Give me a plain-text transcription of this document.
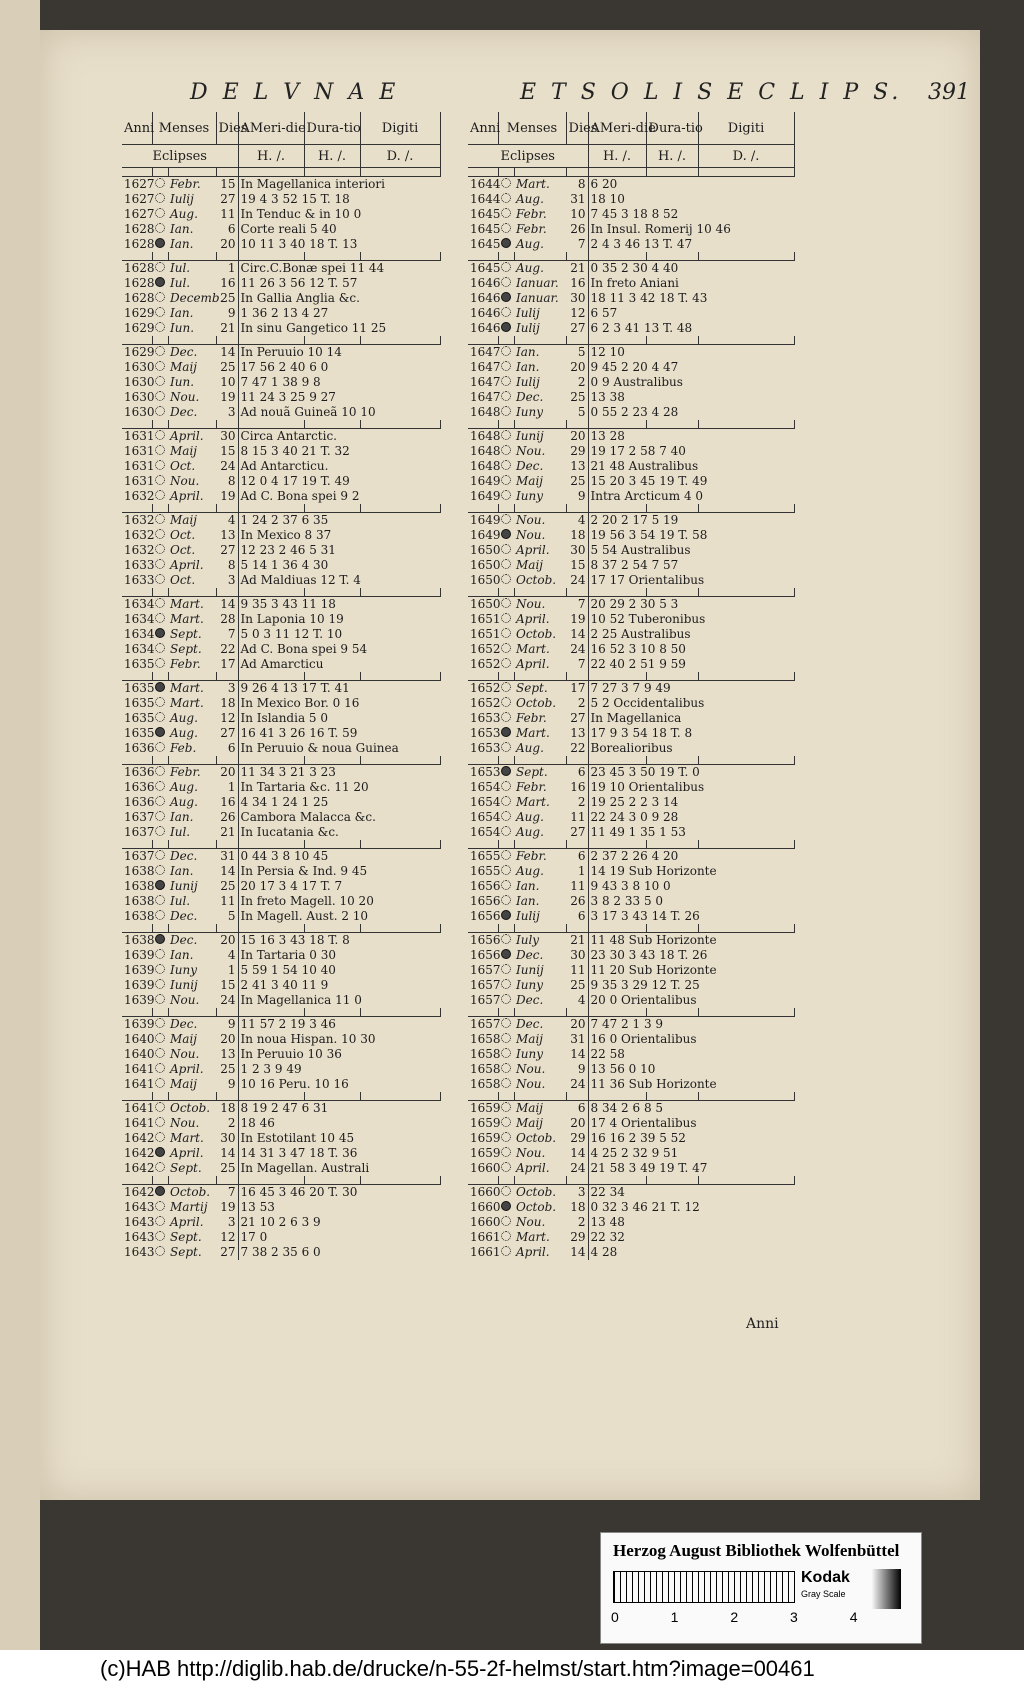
D E L V N A E	E T S O L I S E C L I P S. 391
Anni	Menses		Dies	AMeri-die	Dura-tio	Digiti
Eclipses				H. /.	H. /.	D. /.

1627		Febr.	15	In Magellanica interiori		
1627		Iulij	27	19 4 3 52 15 T. 18		
1627		Aug.	11	In Tenduc & in 10 0		
1628		Ian.	6	Corte reali 5 40		
1628		Ian.	20	10 11 3 40 18 T. 13		

1628		Iul.	1	Circ.C.Bonæ spei 11 44		
1628		Iul.	16	11 26 3 56 12 T. 57		
1628		Decemb.	25	In Gallia Anglia &c.		
1629		Ian.	9	1 36 2 13 4 27		
1629		Iun.	21	In sinu Gangetico 11 25		

1629		Dec.	14	In Peruuio 10 14		
1630		Maij	25	17 56 2 40 6 0		
1630		Iun.	10	7 47 1 38 9 8		
1630		Nou.	19	11 24 3 25 9 27		
1630		Dec.	3	Ad nouã Guineã 10 10		

1631		April.	30	Circa Antarctic.		
1631		Maij	15	8 15 3 40 21 T. 32		
1631		Oct.	24	Ad Antarcticu.		
1631		Nou.	8	12 0 4 17 19 T. 49		
1632		April.	19	Ad C. Bona spei 9 2		

1632		Maij	4	1 24 2 37 6 35		
1632		Oct.	13	In Mexico 8 37		
1632		Oct.	27	12 23 2 46 5 31		
1633		April.	8	5 14 1 36 4 30		
1633		Oct.	3	Ad Maldiuas 12 T. 4		

1634		Mart.	14	9 35 3 43 11 18		
1634		Mart.	28	In Laponia 10 19		
1634		Sept.	7	5 0 3 11 12 T. 10		
1634		Sept.	22	Ad C. Bona spei 9 54		
1635		Febr.	17	Ad Amarcticu		

1635		Mart.	3	9 26 4 13 17 T. 41		
1635		Mart.	18	In Mexico Bor. 0 16		
1635		Aug.	12	In Islandia 5 0		
1635		Aug.	27	16 41 3 26 16 T. 59		
1636		Feb.	6	In Peruuio & noua Guinea		

1636		Febr.	20	11 34 3 21 3 23		
1636		Aug.	1	In Tartaria &c. 11 20		
1636		Aug.	16	4 34 1 24 1 25		
1637		Ian.	26	Cambora Malacca &c.		
1637		Iul.	21	In Iucatania &c.		

1637		Dec.	31	0 44 3 8 10 45		
1638		Ian.	14	In Persia & Ind. 9 45		
1638		Iunij	25	20 17 3 4 17 T. 7		
1638		Iul.	11	In freto Magell. 10 20		
1638		Dec.	5	In Magell. Aust. 2 10		

1638		Dec.	20	15 16 3 43 18 T. 8		
1639		Ian.	4	In Tartaria 0 30		
1639		Iuny	1	5 59 1 54 10 40		
1639		Iunij	15	2 41 3 40 11 9		
1639		Nou.	24	In Magellanica 11 0		

1639		Dec.	9	11 57 2 19 3 46		
1640		Maij	20	In noua Hispan. 10 30		
1640		Nou.	13	In Peruuio 10 36		
1641		April.	25	1 2 3 9 49		
1641		Maij	9	10 16 Peru. 10 16		

1641		Octob.	18	8 19 2 47 6 31		
1641		Nou.	2	18 46		
1642		Mart.	30	In Estotilant 10 45		
1642		April.	14	14 31 3 47 18 T. 36		
1642		Sept.	25	In Magellan. Australi		

1642		Octob.	7	16 45 3 46 20 T. 30		
1643		Martij	19	13 53		
1643		April.	3	21 10 2 6 3 9		
1643		Sept.	12	17 0		
1643		Sept.	27	7 38 2 35 6 0		
Anni	Menses		Dies	AMeri-die	Dura-tio	Digiti
Eclipses				H. /.	H. /.	D. /.

1644		Mart.	8	6 20		
1644		Aug.	31	18 10		
1645		Febr.	10	7 45 3 18 8 52		
1645		Febr.	26	In Insul. Romerij 10 46		
1645		Aug.	7	2 4 3 46 13 T. 47		

1645		Aug.	21	0 35 2 30 4 40		
1646		Ianuar.	16	In freto Aniani		
1646		Ianuar.	30	18 11 3 42 18 T. 43		
1646		Iulij	12	6 57		
1646		Iulij	27	6 2 3 41 13 T. 48		

1647		Ian.	5	12 10		
1647		Ian.	20	9 45 2 20 4 47		
1647		Iulij	2	0 9 Australibus		
1647		Dec.	25	13 38		
1648		Iuny	5	0 55 2 23 4 28		

1648		Iunij	20	13 28		
1648		Nou.	29	19 17 2 58 7 40		
1648		Dec.	13	21 48 Australibus		
1649		Maij	25	15 20 3 45 19 T. 49		
1649		Iuny	9	Intra Arcticum 4 0		

1649		Nou.	4	2 20 2 17 5 19		
1649		Nou.	18	19 56 3 54 19 T. 58		
1650		April.	30	5 54 Australibus		
1650		Maij	15	8 37 2 54 7 57		
1650		Octob.	24	17 17 Orientalibus		

1650		Nou.	7	20 29 2 30 5 3		
1651		April.	19	10 52 Tuberonibus		
1651		Octob.	14	2 25 Australibus		
1652		Mart.	24	16 52 3 10 8 50		
1652		April.	7	22 40 2 51 9 59		

1652		Sept.	17	7 27 3 7 9 49		
1652		Octob.	2	5 2 Occidentalibus		
1653		Febr.	27	In Magellanica		
1653		Mart.	13	17 9 3 54 18 T. 8		
1653		Aug.	22	Borealioribus		

1653		Sept.	6	23 45 3 50 19 T. 0		
1654		Febr.	16	19 10 Orientalibus		
1654		Mart.	2	19 25 2 2 3 14		
1654		Aug.	11	22 24 3 0 9 28		
1654		Aug.	27	11 49 1 35 1 53		

1655		Febr.	6	2 37 2 26 4 20		
1655		Aug.	1	14 19 Sub Horizonte		
1656		Ian.	11	9 43 3 8 10 0		
1656		Ian.	26	3 8 2 33 5 0		
1656		Iulij	6	3 17 3 43 14 T. 26		

1656		Iuly	21	11 48 Sub Horizonte		
1656		Dec.	30	23 30 3 43 18 T. 26		
1657		Iunij	11	11 20 Sub Horizonte		
1657		Iuny	25	9 35 3 29 12 T. 25		
1657		Dec.	4	20 0 Orientalibus		

1657		Dec.	20	7 47 2 1 3 9		
1658		Maij	31	16 0 Orientalibus		
1658		Iuny	14	22 58		
1658		Nou.	9	13 56 0 10		
1658		Nou.	24	11 36 Sub Horizonte		

1659		Maij	6	8 34 2 6 8 5		
1659		Maij	20	17 4 Orientalibus		
1659		Octob.	29	16 16 2 39 5 52		
1659		Nou.	14	4 25 2 32 9 51		
1660		April.	24	21 58 3 49 19 T. 47		

1660		Octob.	3	22 34		
1660		Octob.	18	0 32 3 46 21 T. 12		
1660		Nou.	2	13 48		
1661		Mart.	29	22 32		
1661		April.	14	4 28		
Anni
Herzog August Bibliothek Wolfenbüttel
0 1 2 3 4
Kodak
Gray Scale
(c)HAB http://diglib.hab.de/drucke/n-55-2f-helmst/start.htm?image=00461
